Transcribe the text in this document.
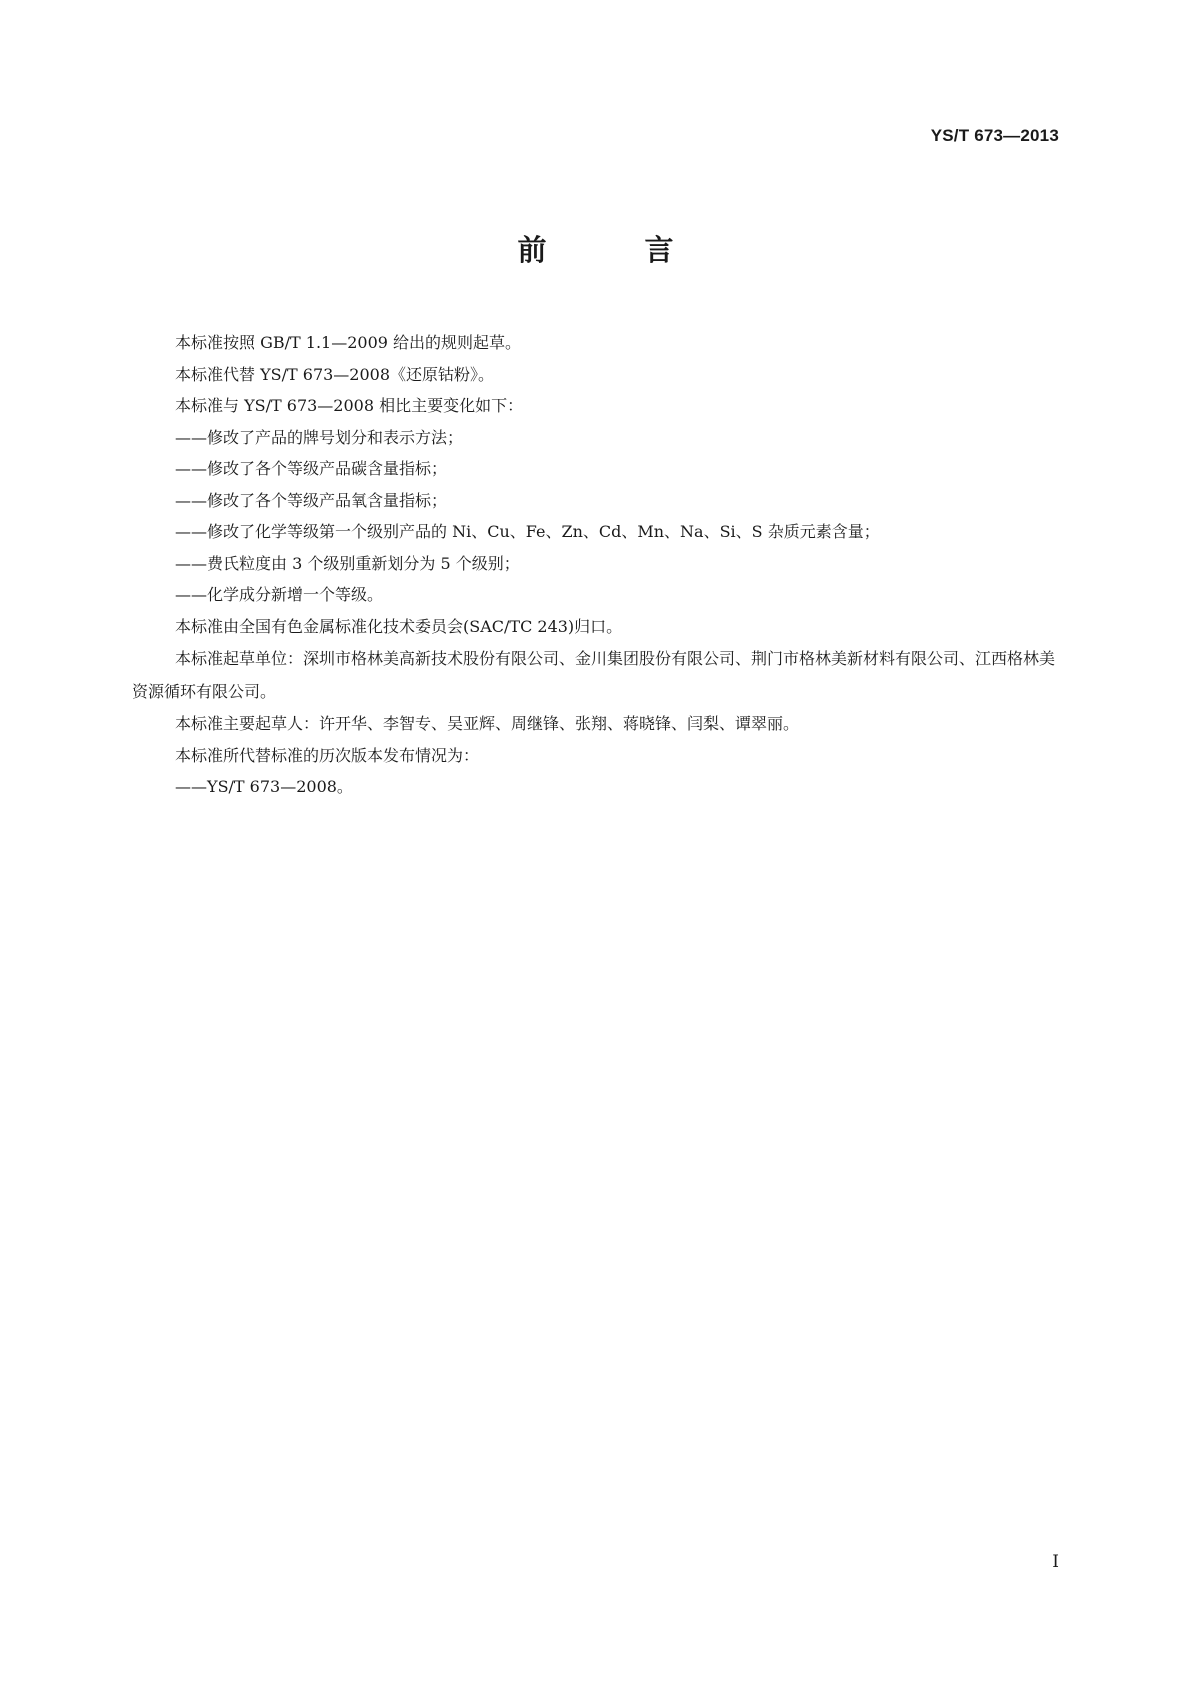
YS/T 673—2013
前 言

本标准按照 GB/T 1.1—2009 给出的规则起草。

本标准代替 YS/T 673—2008《还原钴粉》。

本标准与 YS/T 673—2008 相比主要变化如下：

——修改了产品的牌号划分和表示方法；

——修改了各个等级产品碳含量指标；

——修改了各个等级产品氧含量指标；

——修改了化学等级第一个级别产品的 Ni、Cu、Fe、Zn、Cd、Mn、Na、Si、S 杂质元素含量；

——费氏粒度由 3 个级别重新划分为 5 个级别；

——化学成分新增一个等级。

本标准由全国有色金属标准化技术委员会(SAC/TC 243)归口。

本标准起草单位：深圳市格林美高新技术股份有限公司、金川集团股份有限公司、荆门市格林美新材料有限公司、江西格林美资源循环有限公司。

本标准主要起草人：许开华、李智专、吴亚辉、周继锋、张翔、蒋晓锋、闫梨、谭翠丽。

本标准所代替标准的历次版本发布情况为：

——YS/T 673—2008。

I
